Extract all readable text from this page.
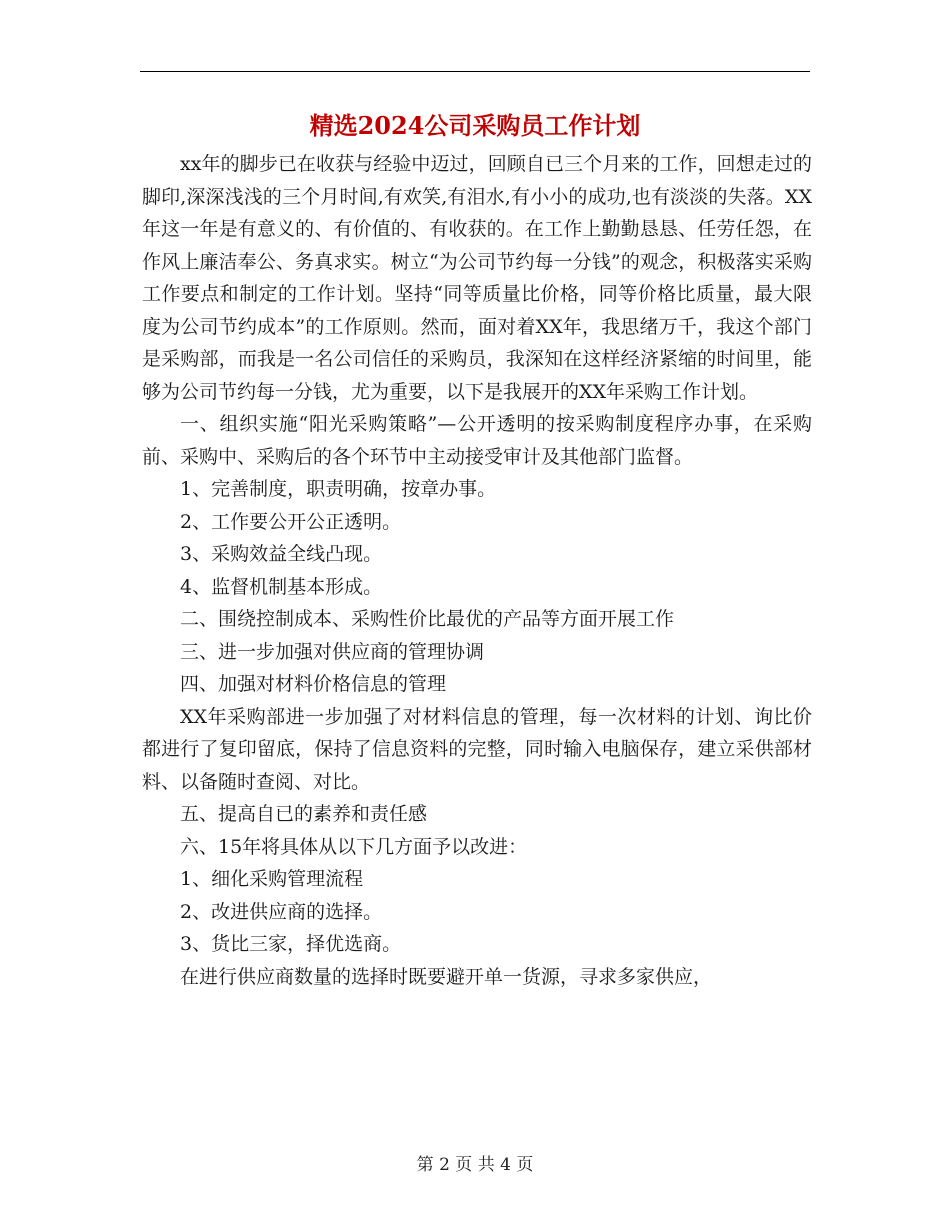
精选2024公司采购员工作计划

xx年的脚步已在收获与经验中迈过，回顾自已三个月来的工作，回想走过的脚印,深深浅浅的三个月时间,有欢笑,有泪水,有小小的成功,也有淡淡的失落。XX年这一年是有意义的、有价值的、有收获的。在工作上勤勤恳恳、任劳任怨，在作风上廉洁奉公、务真求实。树立“为公司节约每一分钱”的观念，积极落实采购工作要点和制定的工作计划。坚持“同等质量比价格，同等价格比质量，最大限度为公司节约成本”的工作原则。然而，面对着XX年，我思绪万千，我这个部门是采购部，而我是一名公司信任的采购员，我深知在这样经济紧缩的时间里，能够为公司节约每一分钱，尤为重要，以下是我展开的XX年采购工作计划。

一、组织实施“阳光采购策略”—公开透明的按采购制度程序办事，在采购前、采购中、采购后的各个环节中主动接受审计及其他部门监督。

1、完善制度，职责明确，按章办事。

2、工作要公开公正透明。

3、采购效益全线凸现。

4、监督机制基本形成。

二、围绕控制成本、采购性价比最优的产品等方面开展工作

三、进一步加强对供应商的管理协调

四、加强对材料价格信息的管理

XX年采购部进一步加强了对材料信息的管理，每一次材料的计划、询比价都进行了复印留底，保持了信息资料的完整，同时输入电脑保存，建立采供部材料、以备随时查阅、对比。

五、提高自已的素养和责任感

六、15年将具体从以下几方面予以改进：

1、细化采购管理流程

2、改进供应商的选择。

3、货比三家，择优选商。

在进行供应商数量的选择时既要避开单一货源，寻求多家供应，

第 2 页 共 4 页
